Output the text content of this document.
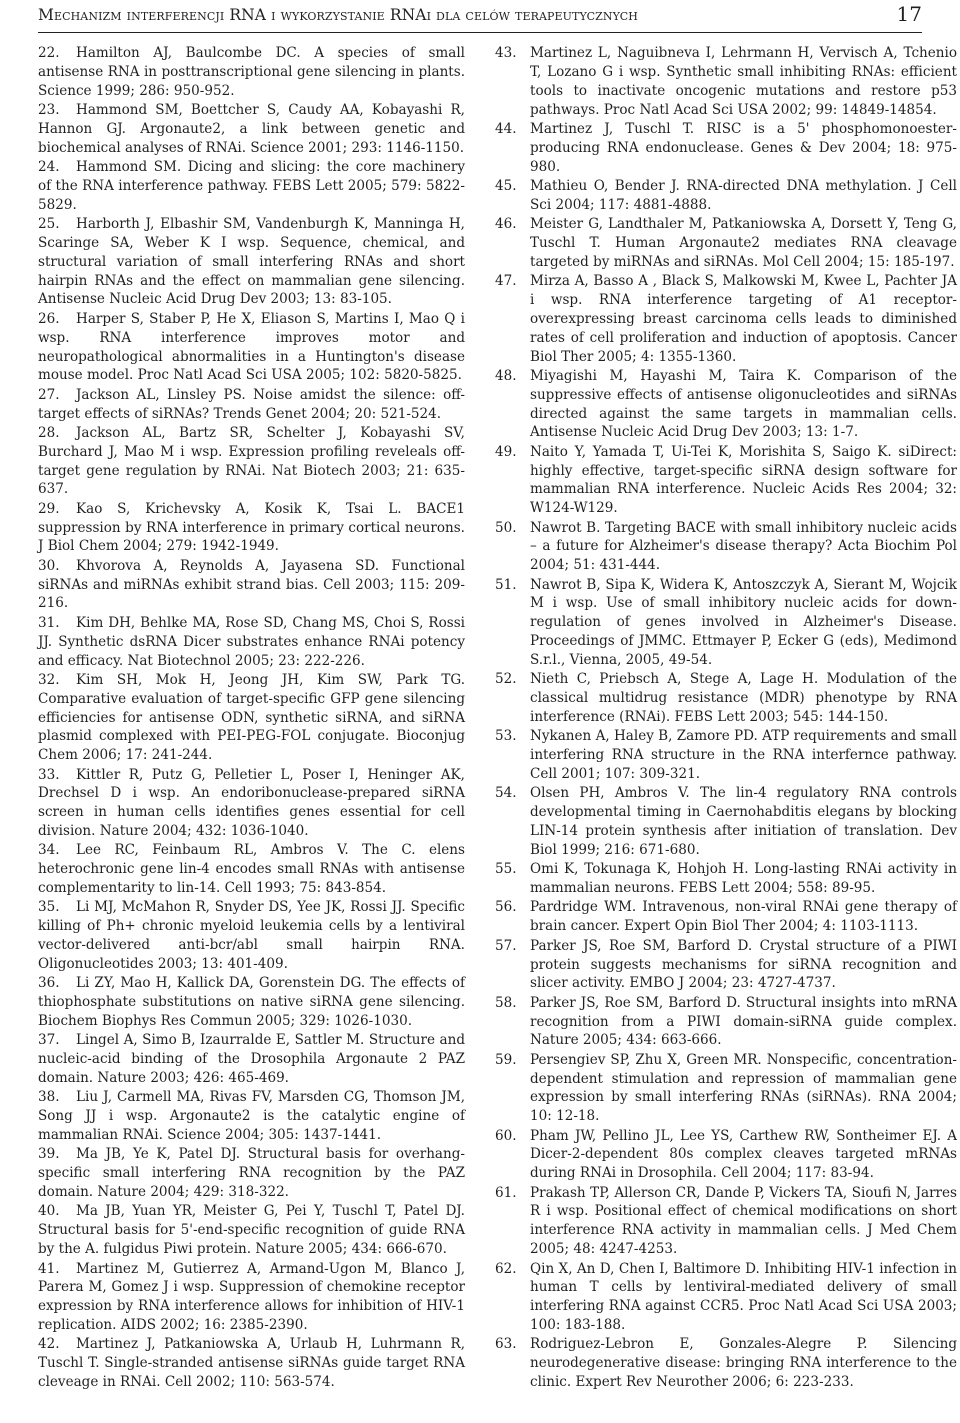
Mechanizm interferencji RNA i wykorzystanie RNAi dla celów terapeutycznych	17
22. Hamilton AJ, Baulcombe DC. A species of small antisense RNA in posttranscriptional gene silencing in plants. Science 1999; 286: 950-952.
23. Hammond SM, Boettcher S, Caudy AA, Kobayashi R, Hannon GJ. Argonaute2, a link between genetic and biochemical analyses of RNAi. Science 2001; 293: 1146-1150.
24. Hammond SM. Dicing and slicing: the core machinery of the RNA interference pathway. FEBS Lett 2005; 579: 5822-5829.
25. Harborth J, Elbashir SM, Vandenburgh K, Manninga H, Scaringe SA, Weber K I wsp. Sequence, chemical, and structural variation of small interfering RNAs and short hairpin RNAs and the effect on mammalian gene silencing. Antisense Nucleic Acid Drug Dev 2003; 13: 83-105.
26. Harper S, Staber P, He X, Eliason S, Martins I, Mao Q i wsp. RNA interference improves motor and neuropathological abnormalities in a Huntington's disease mouse model. Proc Natl Acad Sci USA 2005; 102: 5820-5825.
27. Jackson AL, Linsley PS. Noise amidst the silence: off-target effects of siRNAs? Trends Genet 2004; 20: 521-524.
28. Jackson AL, Bartz SR, Schelter J, Kobayashi SV, Burchard J, Mao M i wsp. Expression profiling reveleals off-target gene regulation by RNAi. Nat Biotech 2003; 21: 635-637.
29. Kao S, Krichevsky A, Kosik K, Tsai L. BACE1 suppression by RNA interference in primary cortical neurons. J Biol Chem 2004; 279: 1942-1949.
30. Khvorova A, Reynolds A, Jayasena SD. Functional siRNAs and miRNAs exhibit strand bias. Cell 2003; 115: 209-216.
31. Kim DH, Behlke MA, Rose SD, Chang MS, Choi S, Rossi JJ. Synthetic dsRNA Dicer substrates enhance RNAi potency and efficacy. Nat Biotechnol 2005; 23: 222-226.
32. Kim SH, Mok H, Jeong JH, Kim SW, Park TG. Comparative evaluation of target-specific GFP gene silencing efficiencies for antisense ODN, synthetic siRNA, and siRNA plasmid complexed with PEI-PEG-FOL conjugate. Bioconjug Chem 2006; 17: 241-244.
33. Kittler R, Putz G, Pelletier L, Poser I, Heninger AK, Drechsel D i wsp. An endoribonuclease-prepared siRNA screen in human cells identifies genes essential for cell division. Nature 2004; 432: 1036-1040.
34. Lee RC, Feinbaum RL, Ambros V. The C. elens heterochronic gene lin-4 encodes small RNAs with antisense complementarity to lin-14. Cell 1993; 75: 843-854.
35. Li MJ, McMahon R, Snyder DS, Yee JK, Rossi JJ. Specific killing of Ph+ chronic myeloid leukemia cells by a lentiviral vector-delivered anti-bcr/abl small hairpin RNA. Oligonucleotides 2003; 13: 401-409.
36. Li ZY, Mao H, Kallick DA, Gorenstein DG. The effects of thiophosphate substitutions on native siRNA gene silencing. Biochem Biophys Res Commun 2005; 329: 1026-1030.
37. Lingel A, Simo B, Izaurralde E, Sattler M. Structure and nucleic-acid binding of the Drosophila Argonaute 2 PAZ domain. Nature 2003; 426: 465-469.
38. Liu J, Carmell MA, Rivas FV, Marsden CG, Thomson JM, Song JJ i wsp. Argonaute2 is the catalytic engine of mammalian RNAi. Science 2004; 305: 1437-1441.
39. Ma JB, Ye K, Patel DJ. Structural basis for overhang-specific small interfering RNA recognition by the PAZ domain. Nature 2004; 429: 318-322.
40. Ma JB, Yuan YR, Meister G, Pei Y, Tuschl T, Patel DJ. Structural basis for 5'-end-specific recognition of guide RNA by the A. fulgidus Piwi protein. Nature 2005; 434: 666-670.
41. Martinez M, Gutierrez A, Armand-Ugon M, Blanco J, Parera M, Gomez J i wsp. Suppression of chemokine receptor expression by RNA interference allows for inhibition of HIV-1 replication. AIDS 2002; 16: 2385-2390.
42. Martinez J, Patkaniowska A, Urlaub H, Luhrmann R, Tuschl T. Single-stranded antisense siRNAs guide target RNA cleveage in RNAi. Cell 2002; 110: 563-574.
43. Martinez L, Naguibneva I, Lehrmann H, Vervisch A, Tchenio T, Lozano G i wsp. Synthetic small inhibiting RNAs: efficient tools to inactivate oncogenic mutations and restore p53 pathways. Proc Natl Acad Sci USA 2002; 99: 14849-14854.
44. Martinez J, Tuschl T. RISC is a 5' phosphomonoester-producing RNA endonuclease. Genes & Dev 2004; 18: 975-980.
45. Mathieu O, Bender J. RNA-directed DNA methylation. J Cell Sci 2004; 117: 4881-4888.
46. Meister G, Landthaler M, Patkaniowska A, Dorsett Y, Teng G, Tuschl T. Human Argonaute2 mediates RNA cleavage targeted by miRNAs and siRNAs. Mol Cell 2004; 15: 185-197.
47. Mirza A, Basso A , Black S, Malkowski M, Kwee L, Pachter JA i wsp. RNA interference targeting of A1 receptor-overexpressing breast carcinoma cells leads to diminished rates of cell proliferation and induction of apoptosis. Cancer Biol Ther 2005; 4: 1355-1360.
48. Miyagishi M, Hayashi M, Taira K. Comparison of the suppressive effects of antisense oligonucleotides and siRNAs directed against the same targets in mammalian cells. Antisense Nucleic Acid Drug Dev 2003; 13: 1-7.
49. Naito Y, Yamada T, Ui-Tei K, Morishita S, Saigo K. siDirect: highly effective, target-specific siRNA design software for mammalian RNA interference. Nucleic Acids Res 2004; 32: W124-W129.
50. Nawrot B. Targeting BACE with small inhibitory nucleic acids – a future for Alzheimer's disease therapy? Acta Biochim Pol 2004; 51: 431-444.
51. Nawrot B, Sipa K, Widera K, Antoszczyk A, Sierant M, Wojcik M i wsp. Use of small inhibitory nucleic acids for down-regulation of genes involved in Alzheimer's Disease. Proceedings of JMMC. Ettmayer P, Ecker G (eds), Medimond S.r.l., Vienna, 2005, 49-54.
52. Nieth C, Priebsch A, Stege A, Lage H. Modulation of the classical multidrug resistance (MDR) phenotype by RNA interference (RNAi). FEBS Lett 2003; 545: 144-150.
53. Nykanen A, Haley B, Zamore PD. ATP requirements and small interfering RNA structure in the RNA interfernce pathway. Cell 2001; 107: 309-321.
54. Olsen PH, Ambros V. The lin-4 regulatory RNA controls developmental timing in Caernohabditis elegans by blocking LIN-14 protein synthesis after initiation of translation. Dev Biol 1999; 216: 671-680.
55. Omi K, Tokunaga K, Hohjoh H. Long-lasting RNAi activity in mammalian neurons. FEBS Lett 2004; 558: 89-95.
56. Pardridge WM. Intravenous, non-viral RNAi gene therapy of brain cancer. Expert Opin Biol Ther 2004; 4: 1103-1113.
57. Parker JS, Roe SM, Barford D. Crystal structure of a PIWI protein suggests mechanisms for siRNA recognition and slicer activity. EMBO J 2004; 23: 4727-4737.
58. Parker JS, Roe SM, Barford D. Structural insights into mRNA recognition from a PIWI domain-siRNA guide complex. Nature 2005; 434: 663-666.
59. Persengiev SP, Zhu X, Green MR. Nonspecific, concentration-dependent stimulation and repression of mammalian gene expression by small interfering RNAs (siRNAs). RNA 2004; 10: 12-18.
60. Pham JW, Pellino JL, Lee YS, Carthew RW, Sontheimer EJ. A Dicer-2-dependent 80s complex cleaves targeted mRNAs during RNAi in Drosophila. Cell 2004; 117: 83-94.
61. Prakash TP, Allerson CR, Dande P, Vickers TA, Sioufi N, Jarres R i wsp. Positional effect of chemical modifications on short interference RNA activity in mammalian cells. J Med Chem 2005; 48: 4247-4253.
62. Qin X, An D, Chen I, Baltimore D. Inhibiting HIV-1 infection in human T cells by lentiviral-mediated delivery of small interfering RNA against CCR5. Proc Natl Acad Sci USA 2003; 100: 183-188.
63. Rodriguez-Lebron E, Gonzales-Alegre P. Silencing neurodegenerative disease: bringing RNA interference to the clinic. Expert Rev Neurother 2006; 6: 223-233.
